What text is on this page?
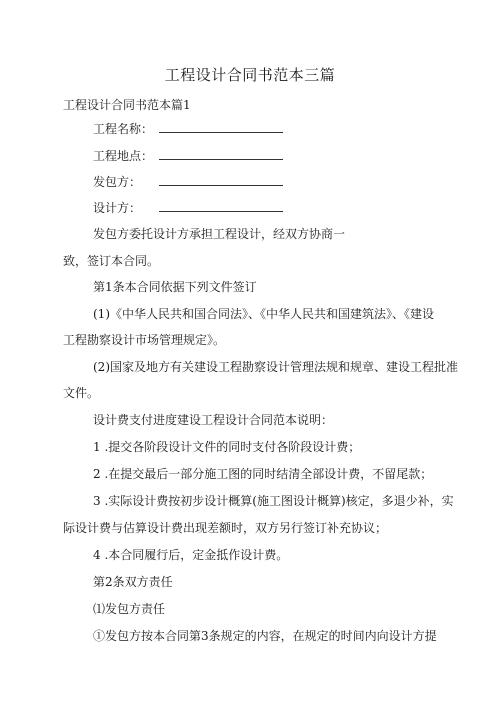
工程设计合同书范本三篇
工程设计合同书范本篇1
工程名称：
工程地点：
发包方：
设计方：
发包方委托设计方承担工程设计，经双方协商一
致，签订本合同。
第1条本合同依据下列文件签订
(1)《中华人民共和国合同法》、《中华人民共和国建筑法》、《建设
工程勘察设计市场管理规定》。
(2)国家及地方有关建设工程勘察设计管理法规和规章、建设工程批准
文件。
设计费支付进度建设工程设计合同范本说明：
1 .提交各阶段设计文件的同时支付各阶段设计费；
2 .在提交最后一部分施工图的同时结清全部设计费，不留尾款；
3 .实际设计费按初步设计概算(施工图设计概算)核定，多退少补，实
际设计费与估算设计费出现差额时，双方另行签订补充协议；
4 .本合同履行后，定金抵作设计费。
第2条双方责任
⑴发包方责任
①发包方按本合同第3条规定的内容，在规定的时间内向设计方提
